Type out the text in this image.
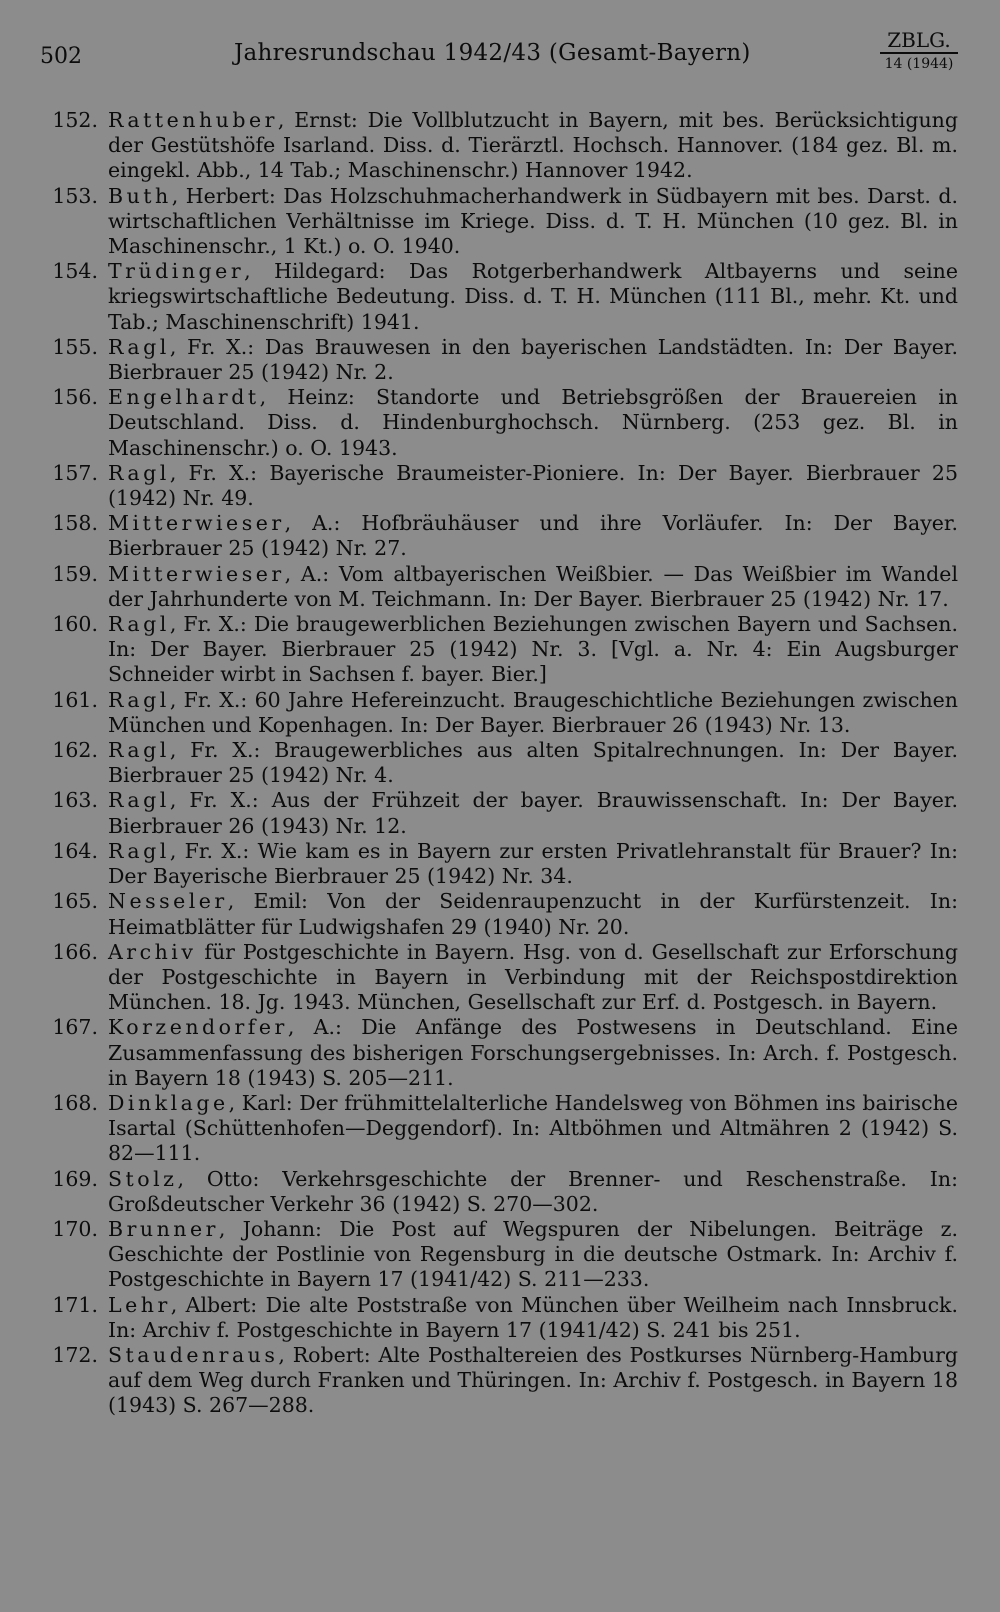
502	Jahresrundschau 1942/43 (Gesamt-Bayern)	ZBLG.
14 (1944)
152. Rattenhuber, Ernst: Die Vollblutzucht in Bayern, mit bes. Berücksichtigung der Gestütshöfe Isarland. Diss. d. Tierärztl. Hochsch. Hannover. (184 gez. Bl. m. eingekl. Abb., 14 Tab.; Maschinenschr.) Hannover 1942.
153. Buth, Herbert: Das Holzschuhmacherhandwerk in Südbayern mit bes. Darst. d. wirtschaftlichen Verhältnisse im Kriege. Diss. d. T. H. München (10 gez. Bl. in Maschinenschr., 1 Kt.) o. O. 1940.
154. Trüdinger, Hildegard: Das Rotgerberhandwerk Altbayerns und seine kriegswirtschaftliche Bedeutung. Diss. d. T. H. München (111 Bl., mehr. Kt. und Tab.; Maschinenschrift) 1941.
155. Ragl, Fr. X.: Das Brauwesen in den bayerischen Landstädten. In: Der Bayer. Bierbrauer 25 (1942) Nr. 2.
156. Engelhardt, Heinz: Standorte und Betriebsgrößen der Brauereien in Deutschland. Diss. d. Hindenburghochsch. Nürnberg. (253 gez. Bl. in Maschinenschr.) o. O. 1943.
157. Ragl, Fr. X.: Bayerische Braumeister-Pioniere. In: Der Bayer. Bierbrauer 25 (1942) Nr. 49.
158. Mitterwieser, A.: Hofbräuhäuser und ihre Vorläufer. In: Der Bayer. Bierbrauer 25 (1942) Nr. 27.
159. Mitterwieser, A.: Vom altbayerischen Weißbier. — Das Weißbier im Wandel der Jahrhunderte von M. Teichmann. In: Der Bayer. Bierbrauer 25 (1942) Nr. 17.
160. Ragl, Fr. X.: Die braugewerblichen Beziehungen zwischen Bayern und Sachsen. In: Der Bayer. Bierbrauer 25 (1942) Nr. 3. [Vgl. a. Nr. 4: Ein Augsburger Schneider wirbt in Sachsen f. bayer. Bier.]
161. Ragl, Fr. X.: 60 Jahre Hefereinzucht. Braugeschichtliche Beziehungen zwischen München und Kopenhagen. In: Der Bayer. Bierbrauer 26 (1943) Nr. 13.
162. Ragl, Fr. X.: Braugewerbliches aus alten Spitalrechnungen. In: Der Bayer. Bierbrauer 25 (1942) Nr. 4.
163. Ragl, Fr. X.: Aus der Frühzeit der bayer. Brauwissenschaft. In: Der Bayer. Bierbrauer 26 (1943) Nr. 12.
164. Ragl, Fr. X.: Wie kam es in Bayern zur ersten Privatlehranstalt für Brauer? In: Der Bayerische Bierbrauer 25 (1942) Nr. 34.
165. Nesseler, Emil: Von der Seidenraupenzucht in der Kurfürstenzeit. In: Heimatblätter für Ludwigshafen 29 (1940) Nr. 20.
166. Archiv für Postgeschichte in Bayern. Hsg. von d. Gesellschaft zur Erforschung der Postgeschichte in Bayern in Verbindung mit der Reichspostdirektion München. 18. Jg. 1943. München, Gesellschaft zur Erf. d. Postgesch. in Bayern.
167. Korzendorfer, A.: Die Anfänge des Postwesens in Deutschland. Eine Zusammenfassung des bisherigen Forschungsergebnisses. In: Arch. f. Postgesch. in Bayern 18 (1943) S. 205—211.
168. Dinklage, Karl: Der frühmittelalterliche Handelsweg von Böhmen ins bairische Isartal (Schüttenhofen—Deggendorf). In: Altböhmen und Altmähren 2 (1942) S. 82—111.
169. Stolz, Otto: Verkehrsgeschichte der Brenner- und Reschenstraße. In: Großdeutscher Verkehr 36 (1942) S. 270—302.
170. Brunner, Johann: Die Post auf Wegspuren der Nibelungen. Beiträge z. Geschichte der Postlinie von Regensburg in die deutsche Ostmark. In: Archiv f. Postgeschichte in Bayern 17 (1941/42) S. 211—233.
171. Lehr, Albert: Die alte Poststraße von München über Weilheim nach Innsbruck. In: Archiv f. Postgeschichte in Bayern 17 (1941/42) S. 241 bis 251.
172. Staudenraus, Robert: Alte Posthaltereien des Postkurses Nürnberg-Hamburg auf dem Weg durch Franken und Thüringen. In: Archiv f. Postgesch. in Bayern 18 (1943) S. 267—288.
